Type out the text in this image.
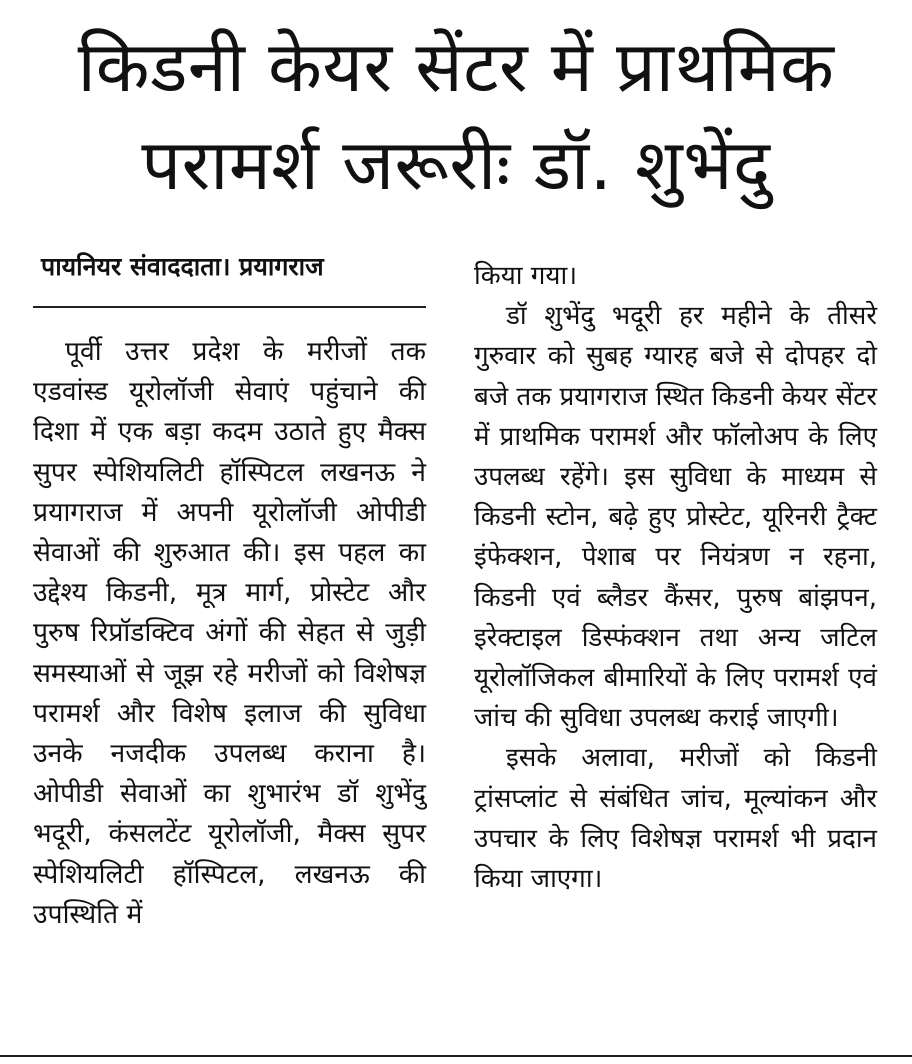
किडनी केयर सेंटर में प्राथमिक
परामर्श जरूरीः डॉ. शुभेंदु

पायनियर संवाददाता। प्रयागराज

पूर्वी उत्तर प्रदेश के मरीजों तक एडवांस्ड यूरोलॉजी सेवाएं पहुंचाने की दिशा में एक बड़ा कदम उठाते हुए मैक्स सुपर स्पेशियलिटी हॉस्पिटल लखनऊ ने प्रयागराज में अपनी यूरोलॉजी ओपीडी सेवाओं की शुरुआत की। इस पहल का उद्देश्य किडनी, मूत्र मार्ग, प्रोस्टेट और पुरुष रिप्रॉडक्टिव अंगों की सेहत से जुड़ी समस्याओं से जूझ रहे मरीजों को विशेषज्ञ परामर्श और विशेष इलाज की सुविधा उनके नजदीक उपलब्ध कराना है। ओपीडी सेवाओं का शुभारंभ डॉ शुभेंदु भदूरी, कंसलटेंट यूरोलॉजी, मैक्स सुपर स्पेशियलिटी हॉस्पिटल, लखनऊ की उपस्थिति में

किया गया।

डॉ शुभेंदु भदूरी हर महीने के तीसरे गुरुवार को सुबह ग्यारह बजे से दोपहर दो बजे तक प्रयागराज स्थित किडनी केयर सेंटर में प्राथमिक परामर्श और फॉलोअप के लिए उपलब्ध रहेंगे। इस सुविधा के माध्यम से किडनी स्टोन, बढ़े हुए प्रोस्टेट, यूरिनरी ट्रैक्ट इंफेक्शन, पेशाब पर नियंत्रण न रहना, किडनी एवं ब्लैडर कैंसर, पुरुष बांझपन, इरेक्टाइल डिस्फंक्शन तथा अन्य जटिल यूरोलॉजिकल बीमारियों के लिए परामर्श एवं जांच की सुविधा उपलब्ध कराई जाएगी।

इसके अलावा, मरीजों को किडनी ट्रांसप्लांट से संबंधित जांच, मूल्यांकन और उपचार के लिए विशेषज्ञ परामर्श भी प्रदान किया जाएगा।
